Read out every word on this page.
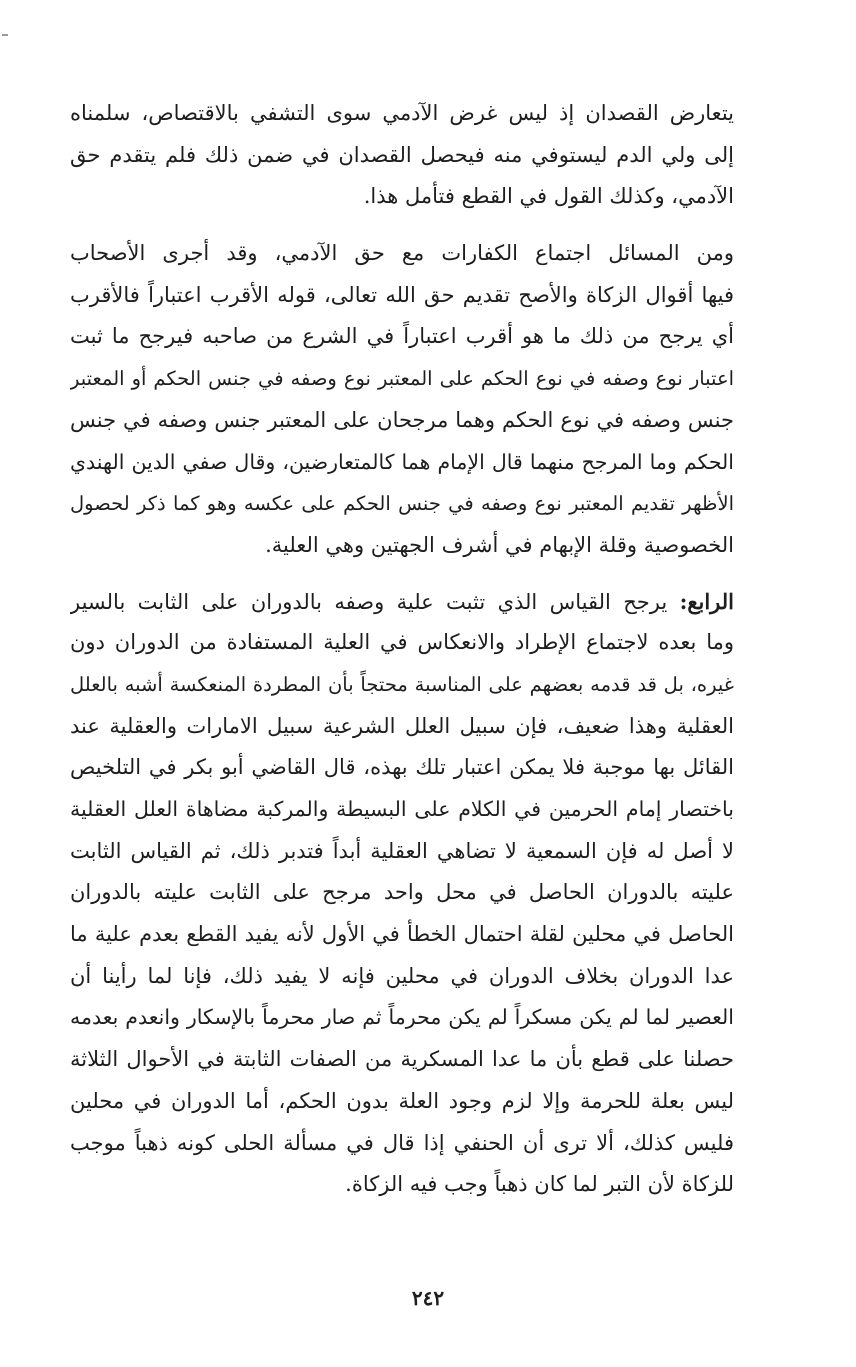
يتعارض القصدان إذ ليس غرض الآدمي سوى التشفي بالاقتصاص، سلمناه
إلى ولي الدم ليستوفي منه فيحصل القصدان في ضمن ذلك فلم يتقدم حق
الآدمي، وكذلك القول في القطع فتأمل هذا.
ومن المسائل اجتماع الكفارات مع حق الآدمي، وقد أجرى الأصحاب
فيها أقوال الزكاة والأصح تقديم حق الله تعالى، قوله الأقرب اعتباراً فالأقرب
أي يرجح من ذلك ما هو أقرب اعتباراً في الشرع من صاحبه فيرجح ما ثبت
اعتبار نوع وصفه في نوع الحكم على المعتبر نوع وصفه في جنس الحكم أو المعتبر
جنس وصفه في نوع الحكم وهما مرجحان على المعتبر جنس وصفه في جنس
الحكم وما المرجح منهما قال الإمام هما كالمتعارضين، وقال صفي الدين الهندي
الأظهر تقديم المعتبر نوع وصفه في جنس الحكم على عكسه وهو كما ذكر لحصول
الخصوصية وقلة الإبهام في أشرف الجهتين وهي العلية.
الرابع: يرجح القياس الذي تثبت علية وصفه بالدوران على الثابت بالسير
وما بعده لاجتماع الإطراد والانعكاس في العلية المستفادة من الدوران دون
غيره، بل قد قدمه بعضهم على المناسبة محتجاً بأن المطردة المنعكسة أشبه بالعلل
العقلية وهذا ضعيف، فإن سبيل العلل الشرعية سبيل الامارات والعقلية عند
القائل بها موجبة فلا يمكن اعتبار تلك بهذه، قال القاضي أبو بكر في التلخيص
باختصار إمام الحرمين في الكلام على البسيطة والمركبة مضاهاة العلل العقلية
لا أصل له فإن السمعية لا تضاهي العقلية أبداً فتدبر ذلك، ثم القياس الثابت
عليته بالدوران الحاصل في محل واحد مرجح على الثابت عليته بالدوران
الحاصل في محلين لقلة احتمال الخطأ في الأول لأنه يفيد القطع بعدم علية ما
عدا الدوران بخلاف الدوران في محلين فإنه لا يفيد ذلك، فإنا لما رأينا أن
العصير لما لم يكن مسكراً لم يكن محرماً ثم صار محرماً بالإسكار وانعدم بعدمه
حصلنا على قطع بأن ما عدا المسكرية من الصفات الثابتة في الأحوال الثلاثة
ليس بعلة للحرمة وإلا لزم وجود العلة بدون الحكم، أما الدوران في محلين
فليس كذلك، ألا ترى أن الحنفي إذا قال في مسألة الحلى كونه ذهباً موجب
للزكاة لأن التبر لما كان ذهباً وجب فيه الزكاة.
٢٤٢
